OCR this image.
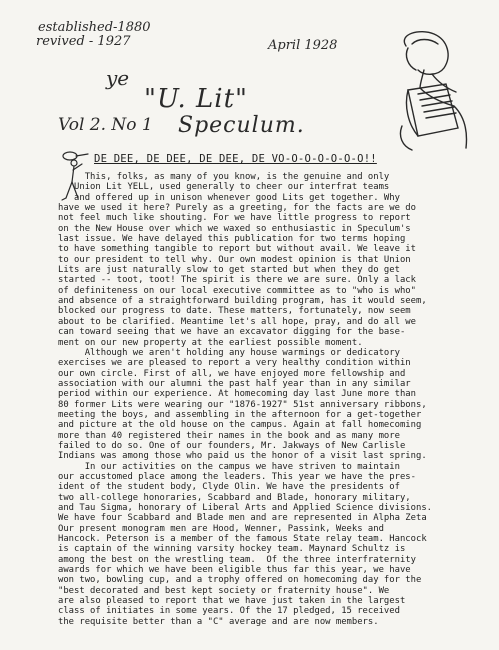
established-1880
revived - 1927	April 1928
ye
"U. Lit"
Vol 2. No 1 Speculum.
DE DEE, DE DEE, DE DEE, DE VO-O-O-O-O-O-O!!
This, folks, as many of you know, is the genuine and only
Union Lit YELL, used generally to cheer our interfrat teams
and offered up in unison whenever good Lits get together. Why
have we used it here? Purely as a greeting, for the facts are we do
not feel much like shouting. For we have little progress to report
on the New House over which we waxed so enthusiastic in Speculum's
last issue. We have delayed this publication for two terms hoping
to have something tangible to report but without avail. We leave it
to our president to tell why. Our own modest opinion is that Union
Lits are just naturally slow to get started but when they do get
started -- toot, toot! The spirit is there we are sure. Only a lack
of definiteness on our local executive committee as to "who is who"
and absence of a straightforward building program, has it would seem,
blocked our progress to date. These matters, fortunately, now seem
about to be clarified. Meantime let's all hope, pray, and do all we
can toward seeing that we have an excavator digging for the base-
ment on our new property at the earliest possible moment.
Although we aren't holding any house warmings or dedicatory
exercises we are pleased to report a very healthy condition within
our own circle. First of all, we have enjoyed more fellowship and
association with our alumni the past half year than in any similar
period within our experience. At homecoming day last June more than
80 former Lits were wearing our "1876-1927" 51st anniversary ribbons,
meeting the boys, and assembling in the afternoon for a get-together
and picture at the old house on the campus. Again at fall homecoming
more than 40 registered their names in the book and as many more
failed to do so. One of our founders, Mr. Jakways of New Carlisle
Indians was among those who paid us the honor of a visit last spring.
In our activities on the campus we have striven to maintain
our accustomed place among the leaders. This year we have the pres-
ident of the student body, Clyde Olin. We have the presidents of
two all-college honoraries, Scabbard and Blade, honorary military,
and Tau Sigma, honorary of Liberal Arts and Applied Science divisions.
We have four Scabbard and Blade men and are represented in Alpha Zeta
Our present monogram men are Hood, Wenner, Passink, Weeks and
Hancock. Peterson is a member of the famous State relay team. Hancock
is captain of the winning varsity hockey team. Maynard Schultz is
among the best on the wrestling team.  Of the three interfraternity
awards for which we have been eligible thus far this year, we have
won two, bowling cup, and a trophy offered on homecoming day for the
"best decorated and best kept society or fraternity house". We
are also pleased to report that we have just taken in the largest
class of initiates in some years. Of the 17 pledged, 15 received
the requisite better than a "C" average and are now members.
